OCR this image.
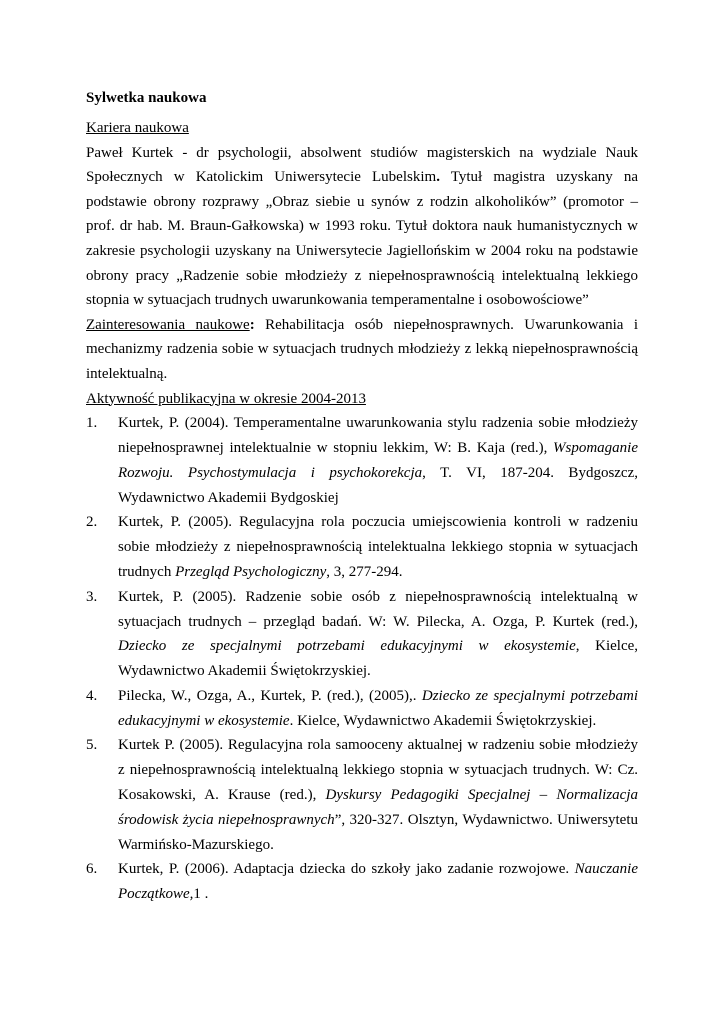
Sylwetka naukowa

Kariera naukowa

Paweł Kurtek - dr psychologii, absolwent studiów magisterskich na wydziale Nauk Społecznych w Katolickim Uniwersytecie Lubelskim. Tytuł magistra uzyskany na podstawie obrony rozprawy „Obraz siebie u synów z rodzin alkoholików” (promotor – prof. dr hab. M. Braun-Gałkowska) w 1993 roku. Tytuł doktora nauk humanistycznych w zakresie psychologii uzyskany na Uniwersytecie Jagiellońskim w 2004 roku na podstawie obrony pracy „Radzenie sobie młodzieży z niepełnosprawnością intelektualną lekkiego stopnia w sytuacjach trudnych uwarunkowania temperamentalne i osobowościowe”

Zainteresowania naukowe: Rehabilitacja osób niepełnosprawnych. Uwarunkowania i mechanizmy radzenia sobie w sytuacjach trudnych młodzieży z lekką niepełnosprawnością intelektualną.

Aktywność publikacyjna w okresie 2004-2013

1. Kurtek, P. (2004). Temperamentalne uwarunkowania stylu radzenia sobie młodzieży niepełnosprawnej intelektualnie w stopniu lekkim, W: B. Kaja (red.), Wspomaganie Rozwoju. Psychostymulacja i psychokorekcja, T. VI, 187-204. Bydgoszcz, Wydawnictwo Akademii Bydgoskiej
2. Kurtek, P. (2005). Regulacyjna rola poczucia umiejscowienia kontroli w radzeniu sobie młodzieży z niepełnosprawnością intelektualna lekkiego stopnia w sytuacjach trudnych Przegląd Psychologiczny, 3, 277-294.
3. Kurtek, P. (2005). Radzenie sobie osób z niepełnosprawnością intelektualną w sytuacjach trudnych – przegląd badań. W: W. Pilecka, A. Ozga, P. Kurtek (red.), Dziecko ze specjalnymi potrzebami edukacyjnymi w ekosystemie, Kielce, Wydawnictwo Akademii Świętokrzyskiej.
4. Pilecka, W., Ozga, A., Kurtek, P. (red.), (2005),. Dziecko ze specjalnymi potrzebami edukacyjnymi w ekosystemie. Kielce, Wydawnictwo Akademii Świętokrzyskiej.
5. Kurtek P. (2005). Regulacyjna rola samooceny aktualnej w radzeniu sobie młodzieży z niepełnosprawnością intelektualną lekkiego stopnia w sytuacjach trudnych. W: Cz. Kosakowski, A. Krause (red.), Dyskursy Pedagogiki Specjalnej – Normalizacja środowisk życia niepełnosprawnych”, 320-327. Olsztyn, Wydawnictwo. Uniwersytetu Warmińsko-Mazurskiego.
6. Kurtek, P. (2006). Adaptacja dziecka do szkoły jako zadanie rozwojowe. Nauczanie Początkowe,1 .
